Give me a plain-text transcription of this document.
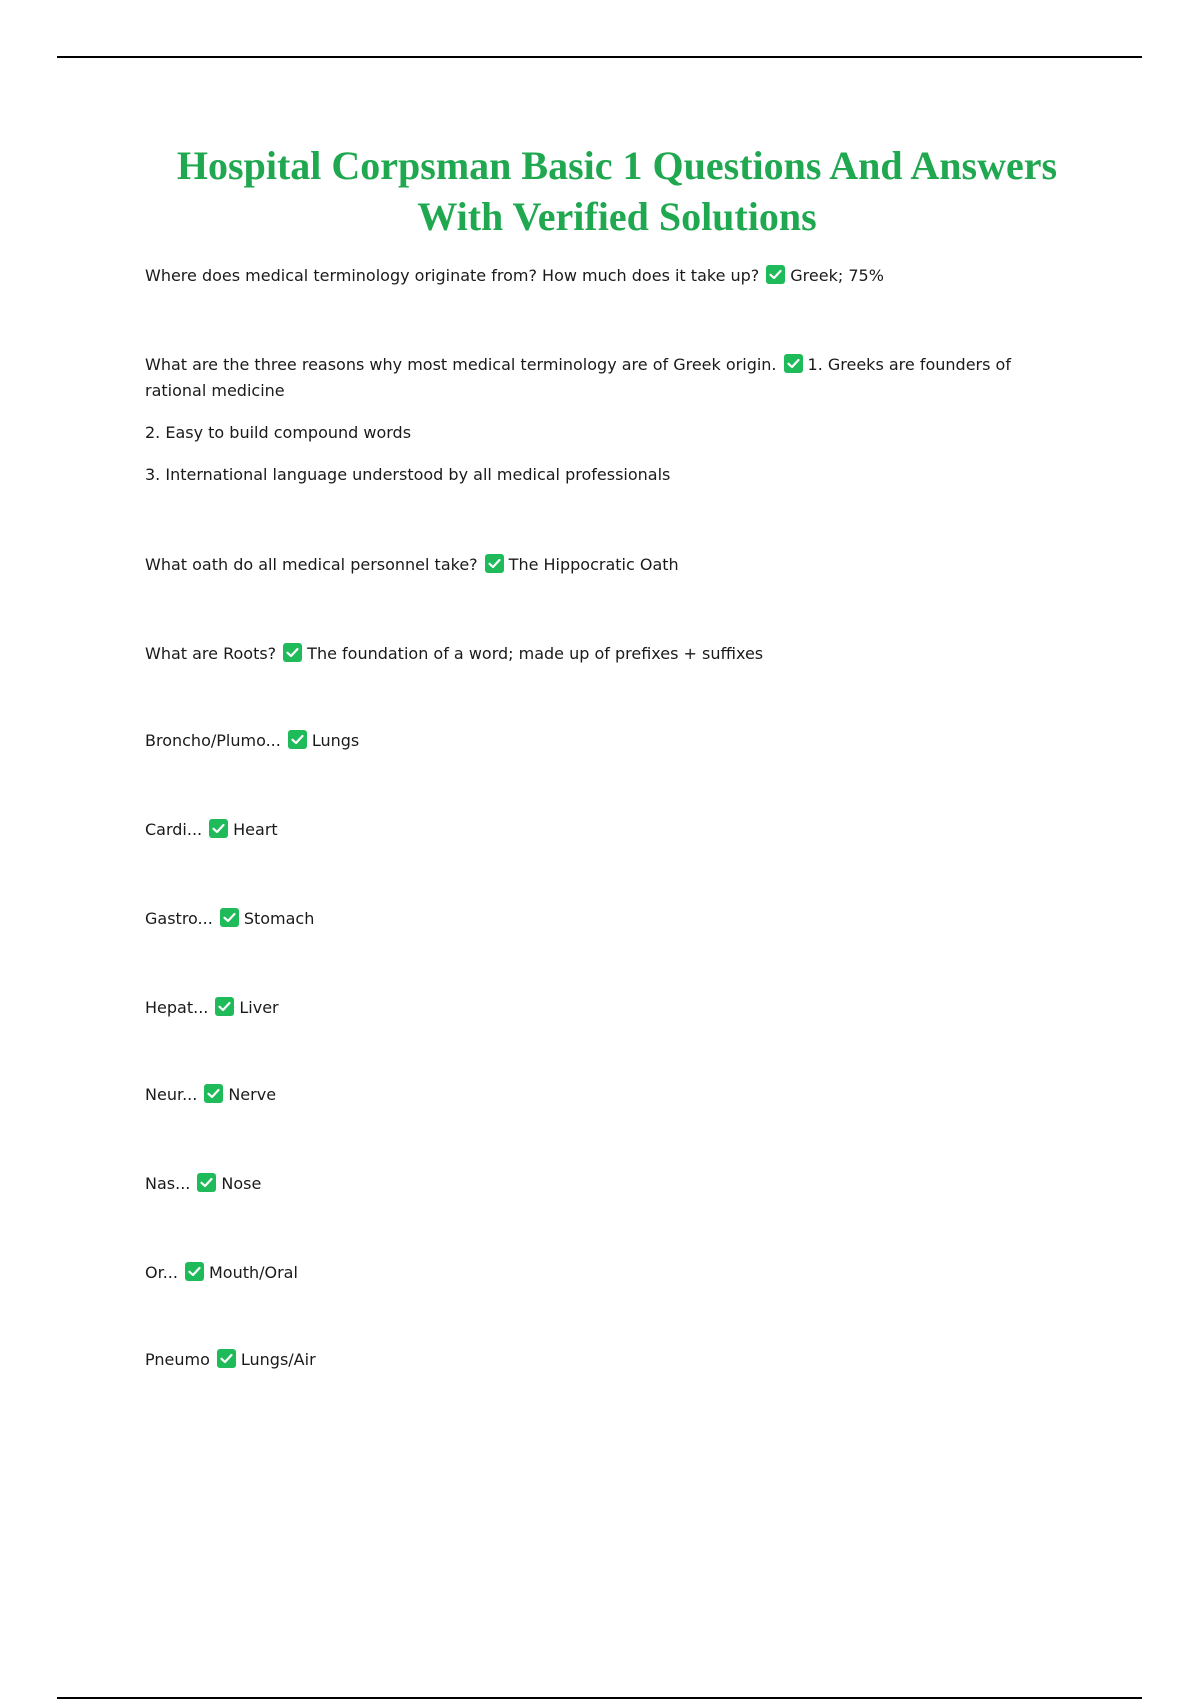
Hospital Corpsman Basic 1 Questions And Answers
With Verified Solutions

Where does medical terminology originate from? How much does it take up? Greek; 75%

What are the three reasons why most medical terminology are of Greek origin. 1. Greeks are founders of rational medicine

2. Easy to build compound words

3. International language understood by all medical professionals

What oath do all medical personnel take? The Hippocratic Oath

What are Roots? The foundation of a word; made up of prefixes + suffixes

Broncho/Plumo... Lungs

Cardi... Heart

Gastro... Stomach

Hepat... Liver

Neur... Nerve

Nas... Nose

Or... Mouth/Oral

Pneumo Lungs/Air
